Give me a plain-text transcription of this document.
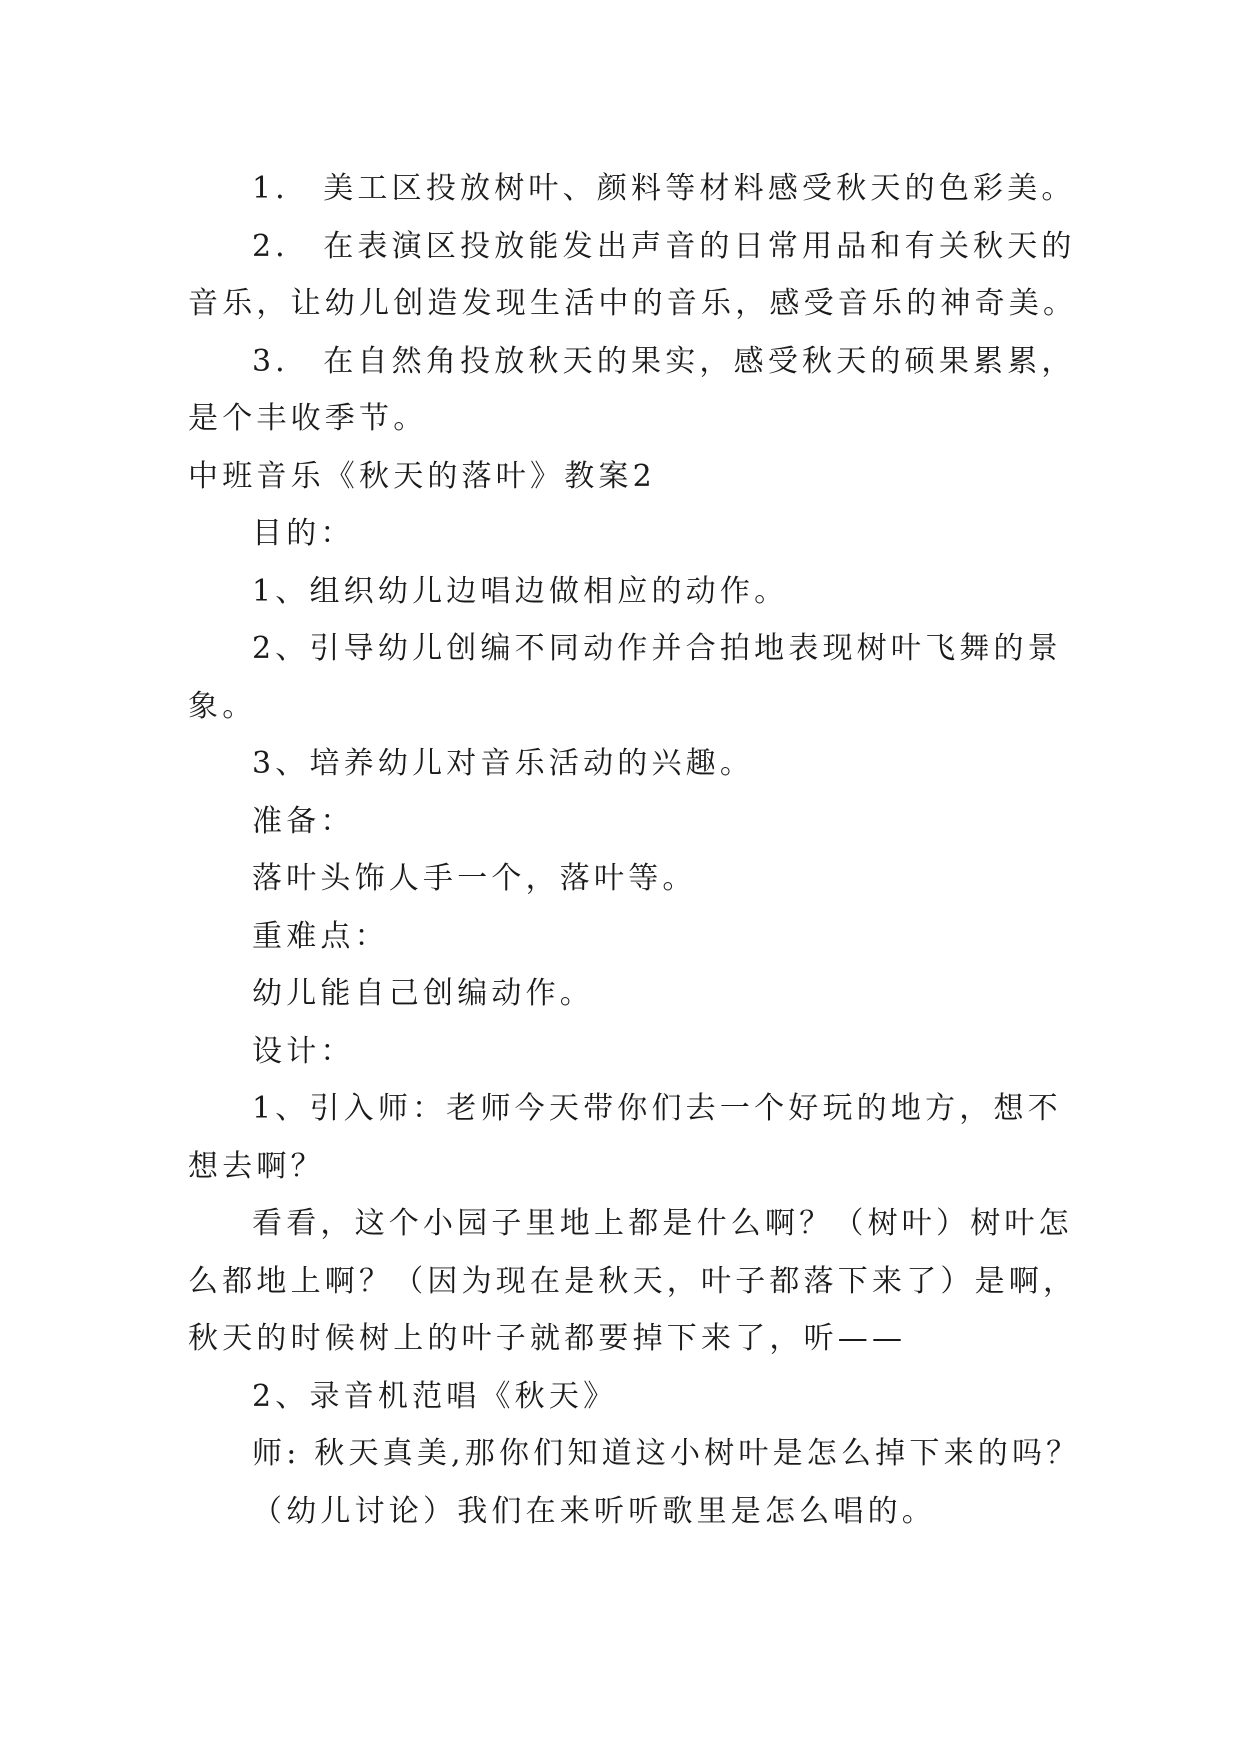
1． 美工区投放树叶、颜料等材料感受秋天的色彩美。

2． 在表演区投放能发出声音的日常用品和有关秋天的

音乐，让幼儿创造发现生活中的音乐，感受音乐的神奇美。

3． 在自然角投放秋天的果实，感受秋天的硕果累累，

是个丰收季节。

中班音乐《秋天的落叶》教案2

目的：

1、组织幼儿边唱边做相应的动作。

2、引导幼儿创编不同动作并合拍地表现树叶飞舞的景

象。

3、培养幼儿对音乐活动的兴趣。

准备：

落叶头饰人手一个，落叶等。

重难点：

幼儿能自己创编动作。

设计：

1、引入师：老师今天带你们去一个好玩的地方，想不

想去啊？

看看，这个小园子里地上都是什么啊？（树叶）树叶怎

么都地上啊？（因为现在是秋天，叶子都落下来了）是啊，

秋天的时候树上的叶子就都要掉下来了，听——

2、录音机范唱《秋天》

师: 秋天真美,那你们知道这小树叶是怎么掉下来的吗？

（幼儿讨论）我们在来听听歌里是怎么唱的。
